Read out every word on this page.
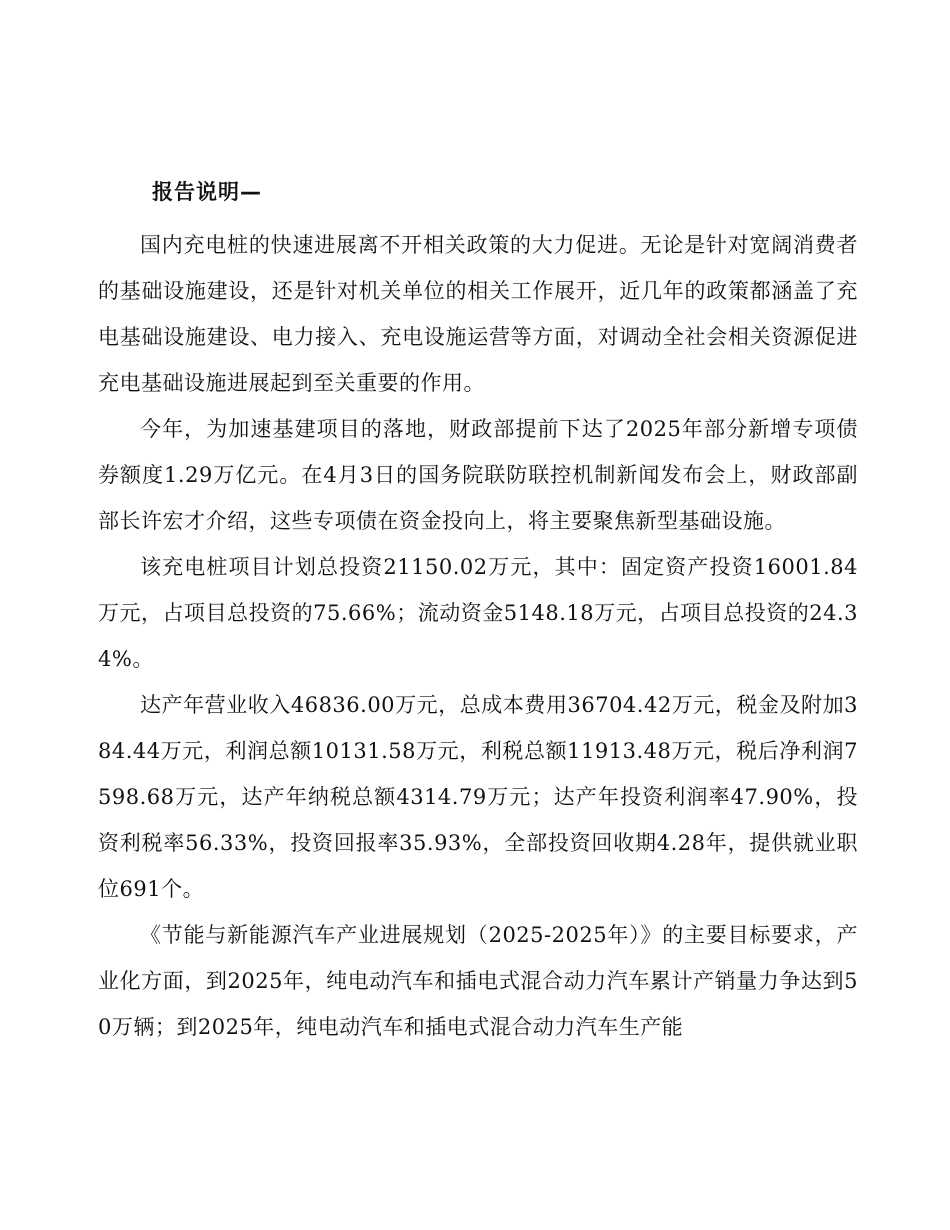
报告说明—

国内充电桩的快速进展离不开相关政策的大力促进。无论是针对宽阔消费者的基础设施建设，还是针对机关单位的相关工作展开，近几年的政策都涵盖了充电基础设施建设、电力接入、充电设施运营等方面，对调动全社会相关资源促进充电基础设施进展起到至关重要的作用。

今年，为加速基建项目的落地，财政部提前下达了2025年部分新增专项债券额度1.29万亿元。在4月3日的国务院联防联控机制新闻发布会上，财政部副部长许宏才介绍，这些专项债在资金投向上，将主要聚焦新型基础设施。

该充电桩项目计划总投资21150.02万元，其中：固定资产投资16001.84万元，占项目总投资的75.66%；流动资金5148.18万元，占项目总投资的24.34%。

达产年营业收入46836.00万元，总成本费用36704.42万元，税金及附加384.44万元，利润总额10131.58万元，利税总额11913.48万元，税后净利润7598.68万元，达产年纳税总额4314.79万元；达产年投资利润率47.90%，投资利税率56.33%，投资回报率35.93%，全部投资回收期4.28年，提供就业职位691个。

《节能与新能源汽车产业进展规划（2025-2025年）》的主要目标要求，产业化方面，到2025年，纯电动汽车和插电式混合动力汽车累计产销量力争达到50万辆；到2025年，纯电动汽车和插电式混合动力汽车生产能
